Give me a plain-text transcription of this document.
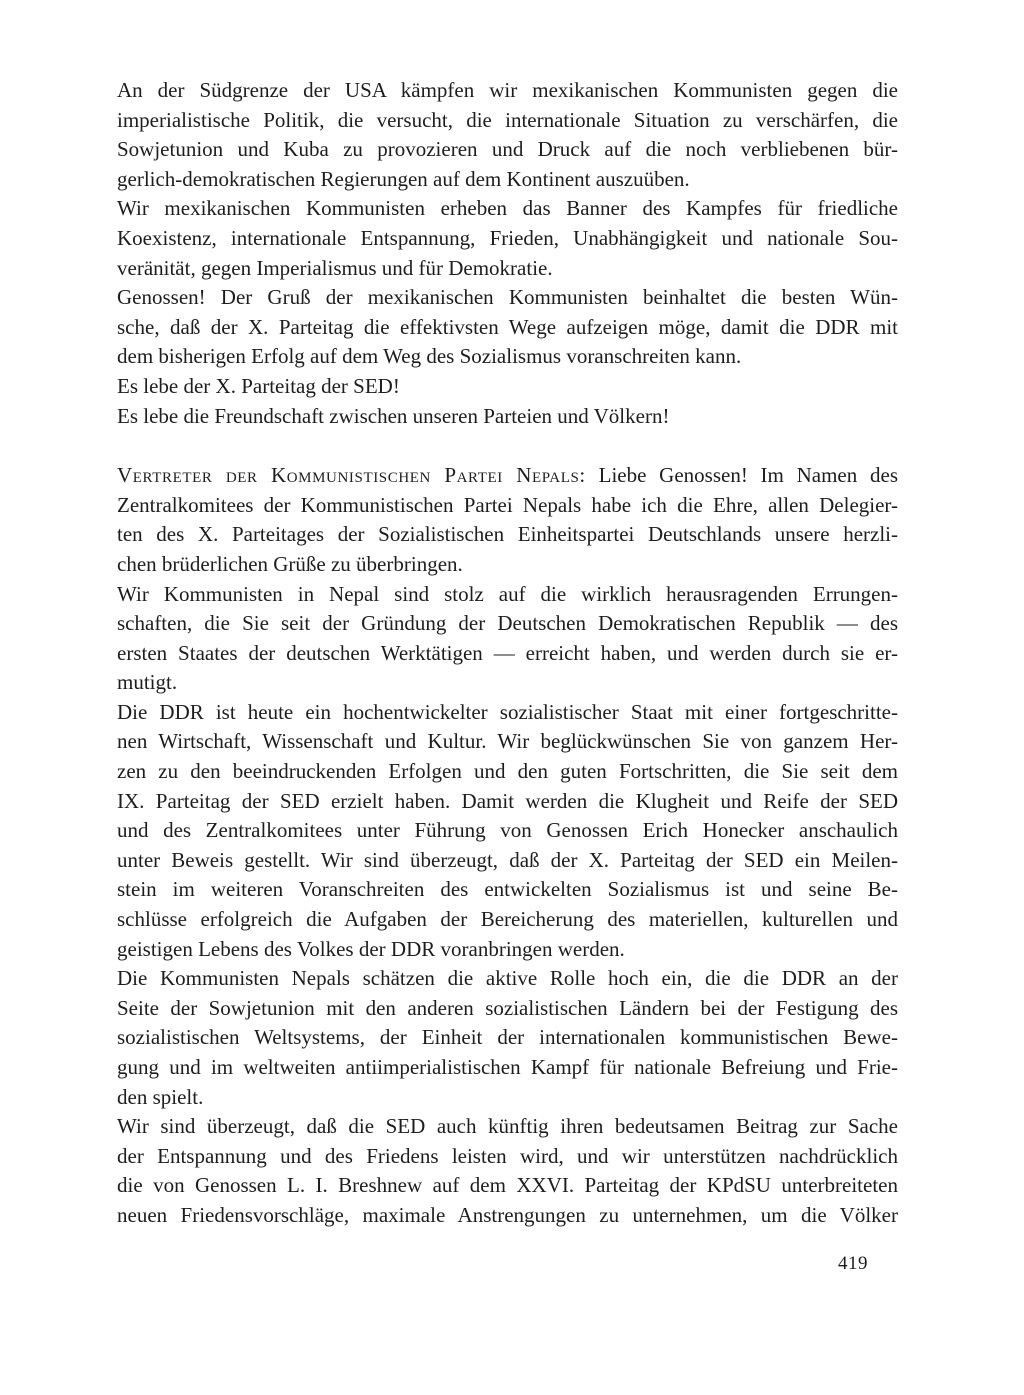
An der Südgrenze der USA kämpfen wir mexikanischen Kommunisten gegen die
imperialistische Politik, die versucht, die internationale Situation zu verschärfen, die
Sowjetunion und Kuba zu provozieren und Druck auf die noch verbliebenen bür-
gerlich-demokratischen Regierungen auf dem Kontinent auszuüben.

Wir mexikanischen Kommunisten erheben das Banner des Kampfes für friedliche
Koexistenz, internationale Entspannung, Frieden, Unabhängigkeit und nationale Sou-
veränität, gegen Imperialismus und für Demokratie.

Genossen! Der Gruß der mexikanischen Kommunisten beinhaltet die besten Wün-
sche, daß der X. Parteitag die effektivsten Wege aufzeigen möge, damit die DDR mit
dem bisherigen Erfolg auf dem Weg des Sozialismus voranschreiten kann.

Es lebe der X. Parteitag der SED!

Es lebe die Freundschaft zwischen unseren Parteien und Völkern!

Vertreter der Kommunistischen Partei Nepals: Liebe Genossen! Im Namen des
Zentralkomitees der Kommunistischen Partei Nepals habe ich die Ehre, allen Delegier-
ten des X. Parteitages der Sozialistischen Einheitspartei Deutschlands unsere herzli-
chen brüderlichen Grüße zu überbringen.

Wir Kommunisten in Nepal sind stolz auf die wirklich herausragenden Errungen-
schaften, die Sie seit der Gründung der Deutschen Demokratischen Republik — des
ersten Staates der deutschen Werktätigen — erreicht haben, und werden durch sie er-
mutigt.

Die DDR ist heute ein hochentwickelter sozialistischer Staat mit einer fortgeschritte-
nen Wirtschaft, Wissenschaft und Kultur. Wir beglückwünschen Sie von ganzem Her-
zen zu den beeindruckenden Erfolgen und den guten Fortschritten, die Sie seit dem
IX. Parteitag der SED erzielt haben. Damit werden die Klugheit und Reife der SED
und des Zentralkomitees unter Führung von Genossen Erich Honecker anschaulich
unter Beweis gestellt. Wir sind überzeugt, daß der X. Parteitag der SED ein Meilen-
stein im weiteren Voranschreiten des entwickelten Sozialismus ist und seine Be-
schlüsse erfolgreich die Aufgaben der Bereicherung des materiellen, kulturellen und
geistigen Lebens des Volkes der DDR voranbringen werden.

Die Kommunisten Nepals schätzen die aktive Rolle hoch ein, die die DDR an der
Seite der Sowjetunion mit den anderen sozialistischen Ländern bei der Festigung des
sozialistischen Weltsystems, der Einheit der internationalen kommunistischen Bewe-
gung und im weltweiten antiimperialistischen Kampf für nationale Befreiung und Frie-
den spielt.

Wir sind überzeugt, daß die SED auch künftig ihren bedeutsamen Beitrag zur Sache
der Entspannung und des Friedens leisten wird, und wir unterstützen nachdrücklich
die von Genossen L. I. Breshnew auf dem XXVI. Parteitag der KPdSU unterbreiteten
neuen Friedensvorschläge, maximale Anstrengungen zu unternehmen, um die Völker

419
